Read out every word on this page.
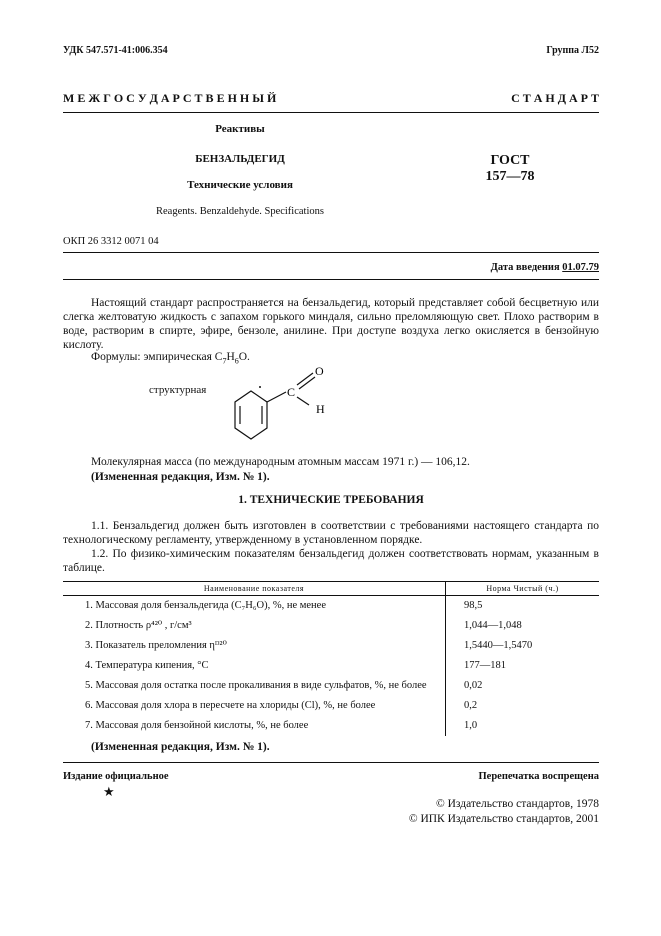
УДК 547.571-41:006.354	Группа Л52
М Е Ж Г О С У Д А Р С Т В Е Н Н Ы Й	С Т А Н Д А Р Т
Реактивы
БЕНЗАЛЬДЕГИД
Технические условия
Reagents. Benzaldehyde. Specifications
ГОСТ
157—78
ОКП 26 3312 0071 04
Дата введения 01.07.79
Настоящий стандарт распространяется на бензальдегид, который представляет собой бесцветную или слегка желтоватую жидкость с запахом горького миндаля, сильно преломляющую свет. Плохо растворим в воде, растворим в спирте, эфире, бензоле, анилине. При доступе воздуха легко окисляется в бензойную кислоту.
Формулы: эмпирическая $C_7H_6O$.
структурная	C
O
H
Молекулярная масса (по международным атомным массам 1971 г.) — 106,12.
(Измененная редакция, Изм. № 1).
1. ТЕХНИЧЕСКИЕ ТРЕБОВАНИЯ
1.1. Бензальдегид должен быть изготовлен в соответствии с требованиями настоящего стандарта по технологическому регламенту, утвержденному в установленном порядке.
1.2. По физико-химическим показателям бензальдегид должен соответствовать нормам, указанным в таблице.
Наименование показателя	Норма Чистый (ч.)
1. Массовая доля бензальдегида (C₇H₆O), %, не менее	98,5
2. Плотность ρ⁴²⁰ , г/см³	1,044—1,048
3. Показатель преломления ηᴰ²⁰	1,5440—1,5470
4. Температура кипения, °С	177—181
5. Массовая доля остатка после прокаливания в виде сульфатов, %, не более	0,02
6. Массовая доля хлора в пересчете на хлориды (Cl), %, не более	0,2
7. Массовая доля бензойной кислоты, %, не более	1,0
(Измененная редакция, Изм. № 1).
Издание официальное	Перепечатка воспрещена
★
© Издательство стандартов, 1978
© ИПК Издательство стандартов, 2001
